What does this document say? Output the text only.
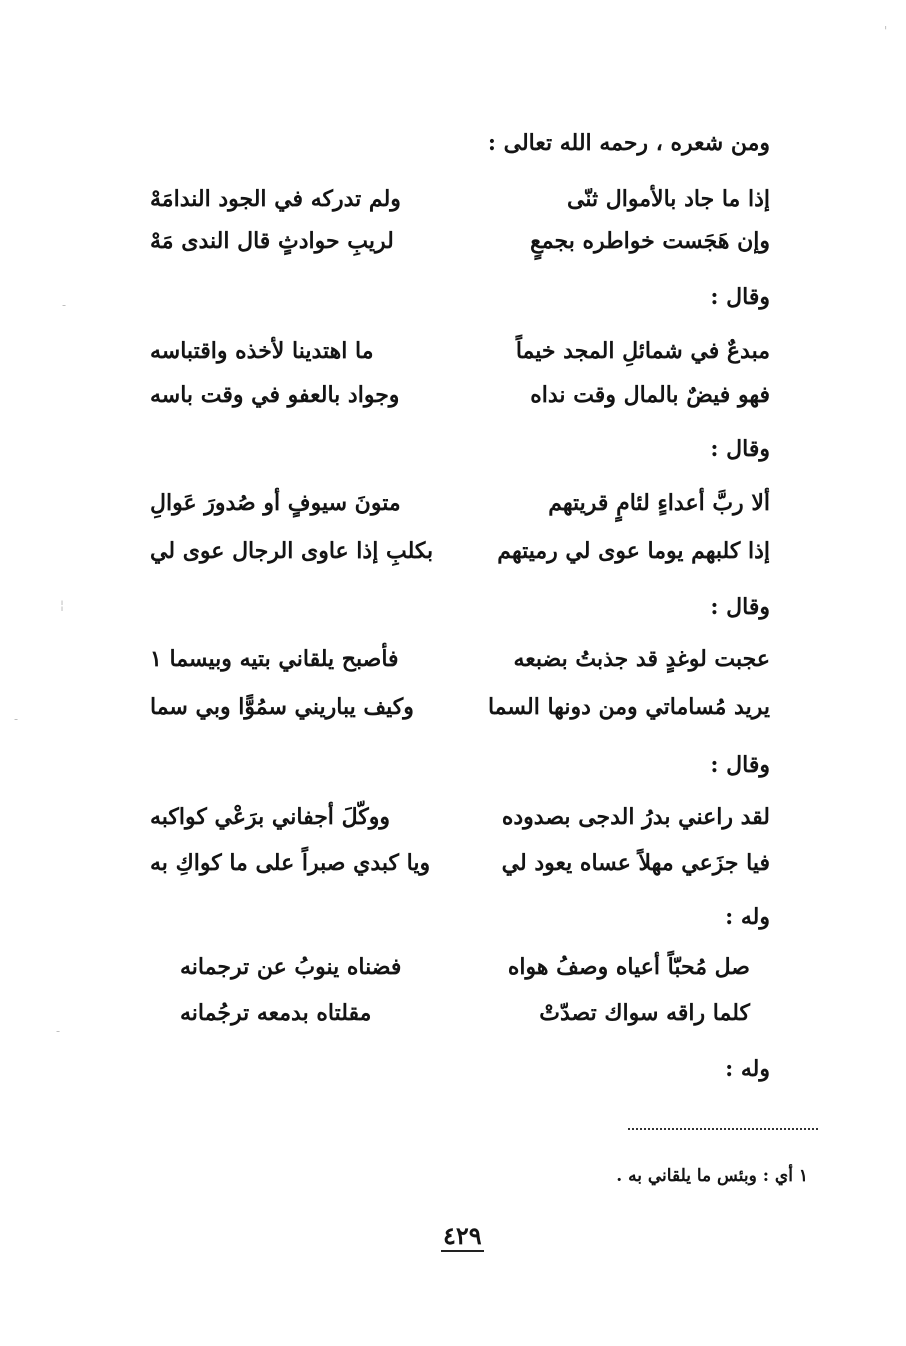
ومن شعره ، رحمه الله تعالى :
إذا ما جاد بالأموال ثنّى
ولم تدركه في الجود الندامَهْ
وإن هَجَست خواطره بجمعٍ
لريبِ حوادثٍ قال الندى مَهْ
وقال :
مبدعٌ في شمائلِ المجد خيماً
ما اهتدينا لأخذه واقتباسه
فهو فيضٌ بالمال وقت نداه
وجواد بالعفو في وقت باسه
وقال :
ألا ربَّ أعداءٍ لئامٍ قريتهم
متونَ سيوفٍ أو صُدورَ عَوالِ
إذا كلبهم يوما عوى لي رميتهم
بكلبِ إذا عاوى الرجال عوى لي
وقال :
عجبت لوغدٍ قد جذبتُ بضبعه
فأصبح يلقاني بتيه وبيسما ١
يريد مُساماتي ومن دونها السما
وكيف يباريني سمُوًّا وبي سما
وقال :
لقد راعني بدرُ الدجى بصدوده
ووكّلَ أجفاني برَعْي كواكبه
فيا جزَعي مهلاً عساه يعود لي
ويا كبدي صبراً على ما كواكِ به
وله :
صل مُحبّاً أعياه وصفُ هواه
فضناه ينوبُ عن ترجمانه
كلما راقه سواك تصدّتْ
مقلتاه بدمعه ترجُمانه
وله :
١ أي : وبئس ما يلقاني به .
٤٢٩
-
¦
-
-
'
